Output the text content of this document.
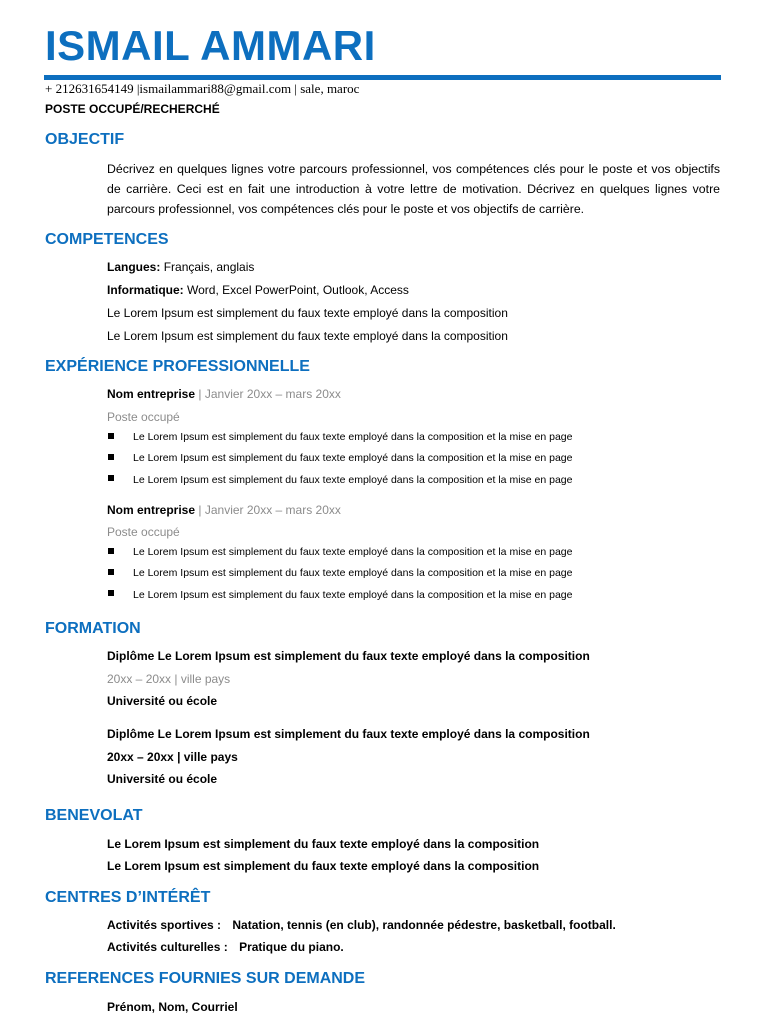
ISMAIL AMMARI
+ 212631654149 |ismailammari88@gmail.com | sale, maroc
POSTE OCCUPÉ/RECHERCHÉ
OBJECTIF

Décrivez en quelques lignes votre parcours professionnel, vos compétences clés pour le poste et vos objectifs de carrière. Ceci est en fait une introduction à votre lettre de motivation. Décrivez en quelques lignes votre parcours professionnel, vos compétences clés pour le poste et vos objectifs de carrière.

COMPETENCES
Langues: Français, anglais
Informatique: Word, Excel PowerPoint, Outlook, Access
Le Lorem Ipsum est simplement du faux texte employé dans la composition
Le Lorem Ipsum est simplement du faux texte employé dans la composition
EXPÉRIENCE PROFESSIONNELLE
Nom entreprise | Janvier 20xx – mars 20xx
Poste occupé
Le Lorem Ipsum est simplement du faux texte employé dans la composition et la mise en page
Le Lorem Ipsum est simplement du faux texte employé dans la composition et la mise en page
Le Lorem Ipsum est simplement du faux texte employé dans la composition et la mise en page
Nom entreprise | Janvier 20xx – mars 20xx
Poste occupé
Le Lorem Ipsum est simplement du faux texte employé dans la composition et la mise en page
Le Lorem Ipsum est simplement du faux texte employé dans la composition et la mise en page
Le Lorem Ipsum est simplement du faux texte employé dans la composition et la mise en page
FORMATION
Diplôme Le Lorem Ipsum est simplement du faux texte employé dans la composition
20xx – 20xx | ville pays
Université ou école
Diplôme Le Lorem Ipsum est simplement du faux texte employé dans la composition
20xx – 20xx | ville pays
Université ou école
BENEVOLAT
Le Lorem Ipsum est simplement du faux texte employé dans la composition
Le Lorem Ipsum est simplement du faux texte employé dans la composition
CENTRES D’INTÉRÊT
Activités sportives : Natation, tennis (en club), randonnée pédestre, basketball, football.
Activités culturelles : Pratique du piano.
REFERENCES FOURNIES SUR DEMANDE
Prénom, Nom, Courriel
